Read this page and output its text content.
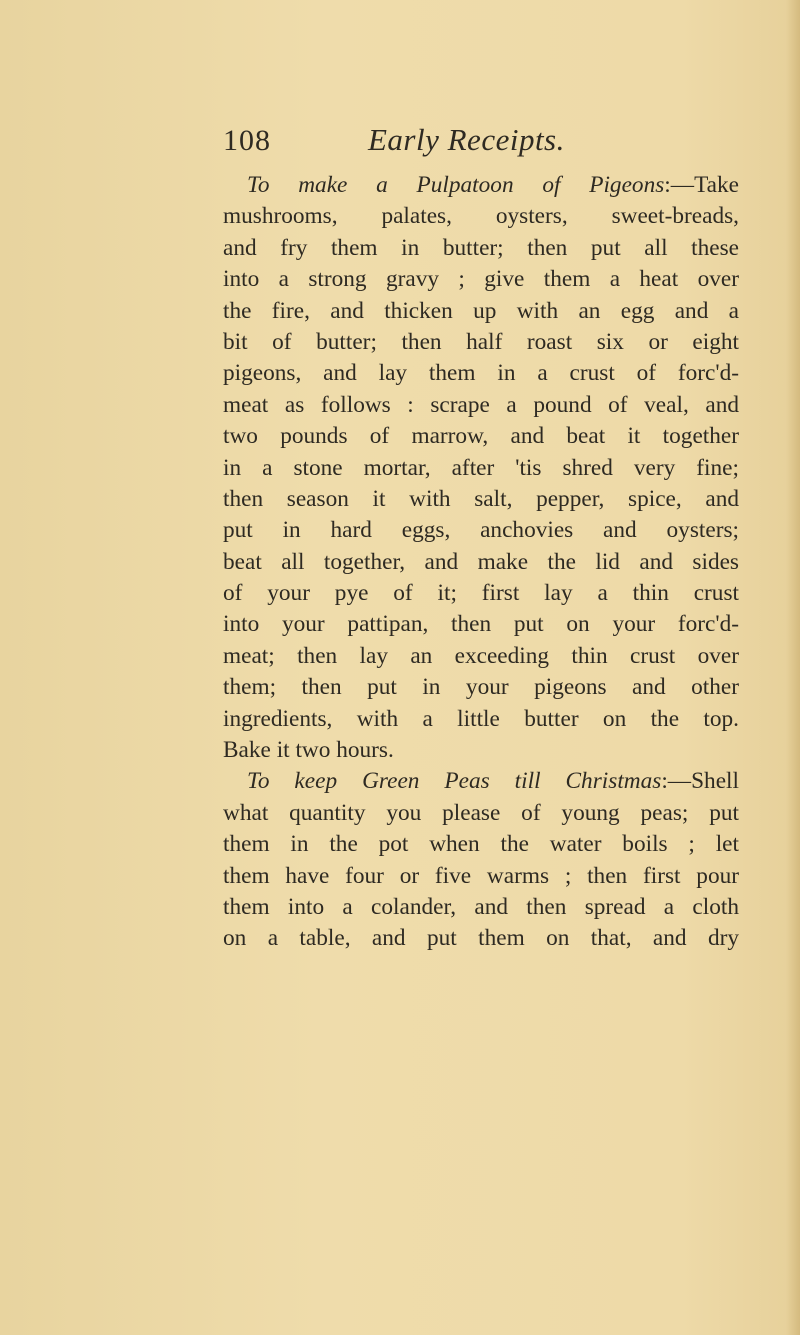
108	Early Receipts.
To make a Pulpatoon of Pigeons:—Take
mushrooms, palates, oysters, sweet-breads,
and fry them in butter; then put all these
into a strong gravy ; give them a heat over
the fire, and thicken up with an egg and a
bit of butter; then half roast six or eight
pigeons, and lay them in a crust of forc'd-
meat as follows : scrape a pound of veal, and
two pounds of marrow, and beat it together
in a stone mortar, after 'tis shred very fine;
then season it with salt, pepper, spice, and
put in hard eggs, anchovies and oysters;
beat all together, and make the lid and sides
of your pye of it; first lay a thin crust
into your pattipan, then put on your forc'd-
meat; then lay an exceeding thin crust over
them; then put in your pigeons and other
ingredients, with a little butter on the top.
Bake it two hours.
To keep Green Peas till Christmas:—Shell
what quantity you please of young peas; put
them in the pot when the water boils ; let
them have four or five warms ; then first pour
them into a colander, and then spread a cloth
on a table, and put them on that, and dry
